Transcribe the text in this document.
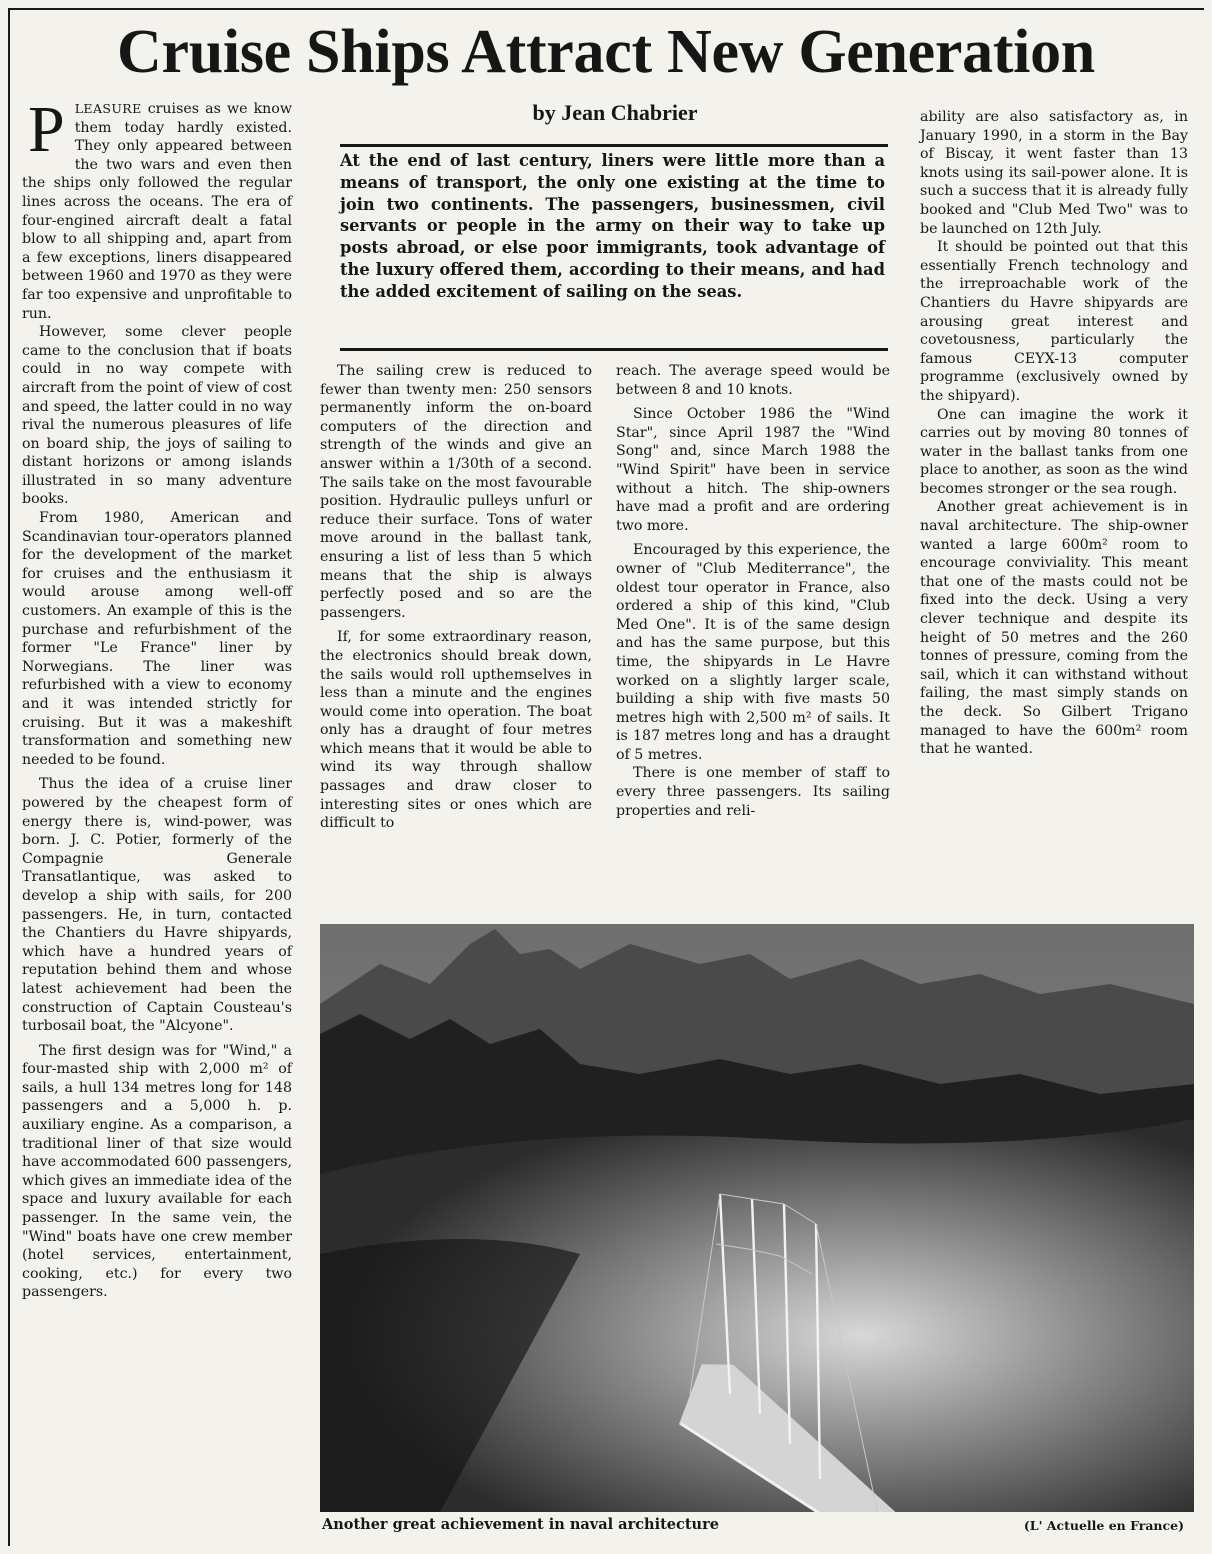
Cruise Ships Attract New Generation

PLEASURE cruises as we know them today hardly existed. They only appeared between the two wars and even then the ships only followed the regular lines across the oceans. The era of four-engined aircraft dealt a fatal blow to all shipping and, apart from a few exceptions, liners disappeared between 1960 and 1970 as they were far too expensive and unprofitable to run.

However, some clever people came to the conclusion that if boats could in no way compete with aircraft from the point of view of cost and speed, the latter could in no way rival the numerous pleasures of life on board ship, the joys of sailing to distant horizons or among islands illustrated in so many adventure books.

From 1980, American and Scandinavian tour-operators planned for the development of the market for cruises and the enthusiasm it would arouse among well-off customers. An example of this is the purchase and refurbishment of the former "Le France" liner by Norwegians. The liner was refurbished with a view to economy and it was intended strictly for cruising. But it was a makeshift transformation and something new needed to be found.

Thus the idea of a cruise liner powered by the cheapest form of energy there is, wind-power, was born. J. C. Potier, formerly of the Compagnie Generale Transatlantique, was asked to develop a ship with sails, for 200 passengers. He, in turn, contacted the Chantiers du Havre shipyards, which have a hundred years of reputation behind them and whose latest achievement had been the construction of Captain Cousteau's turbosail boat, the "Alcyone".

The first design was for "Wind," a four-masted ship with 2,000 m² of sails, a hull 134 metres long for 148 passengers and a 5,000 h. p. auxiliary engine. As a comparison, a traditional liner of that size would have accommodated 600 passengers, which gives an immediate idea of the space and luxury available for each passenger. In the same vein, the "Wind" boats have one crew member (hotel services, entertainment, cooking, etc.) for every two passengers.

by Jean Chabrier

At the end of last century, liners were little more than a means of transport, the only one existing at the time to join two continents. The passengers, businessmen, civil servants or people in the army on their way to take up posts abroad, or else poor immigrants, took advantage of the luxury offered them, according to their means, and had the added excitement of sailing on the seas.

The sailing crew is reduced to fewer than twenty men: 250 sensors permanently inform the on-board computers of the direction and strength of the winds and give an answer within a 1/30th of a second. The sails take on the most favourable position. Hydraulic pulleys unfurl or reduce their surface. Tons of water move around in the ballast tank, ensuring a list of less than 5 which means that the ship is always perfectly posed and so are the passengers.

If, for some extraordinary reason, the electronics should break down, the sails would roll upthemselves in less than a minute and the engines would come into operation. The boat only has a draught of four metres which means that it would be able to wind its way through shallow passages and draw closer to interesting sites or ones which are difficult to

reach. The average speed would be between 8 and 10 knots.

Since October 1986 the "Wind Star", since April 1987 the "Wind Song" and, since March 1988 the "Wind Spirit" have been in service without a hitch. The ship-owners have mad a profit and are ordering two more.

Encouraged by this experience, the owner of "Club Mediterrance", the oldest tour operator in France, also ordered a ship of this kind, "Club Med One". It is of the same design and has the same purpose, but this time, the shipyards in Le Havre worked on a slightly larger scale, building a ship with five masts 50 metres high with 2,500 m² of sails. It is 187 metres long and has a draught of 5 metres.

There is one member of staff to every three passengers. Its sailing properties and reli-

ability are also satisfactory as, in January 1990, in a storm in the Bay of Biscay, it went faster than 13 knots using its sail-power alone. It is such a success that it is already fully booked and "Club Med Two" was to be launched on 12th July.

It should be pointed out that this essentially French technology and the irreproachable work of the Chantiers du Havre shipyards are arousing great interest and covetousness, particularly the famous CEYX-13 computer programme (exclusively owned by the shipyard).

One can imagine the work it carries out by moving 80 tonnes of water in the ballast tanks from one place to another, as soon as the wind becomes stronger or the sea rough.

Another great achievement is in naval architecture. The ship-owner wanted a large 600m² room to encourage conviviality. This meant that one of the masts could not be fixed into the deck. Using a very clever technique and despite its height of 50 metres and the 260 tonnes of pressure, coming from the sail, which it can withstand without failing, the mast simply stands on the deck. So Gilbert Trigano managed to have the 600m² room that he wanted.

Another great achievement in naval architecture	(L' Actuelle en France)
